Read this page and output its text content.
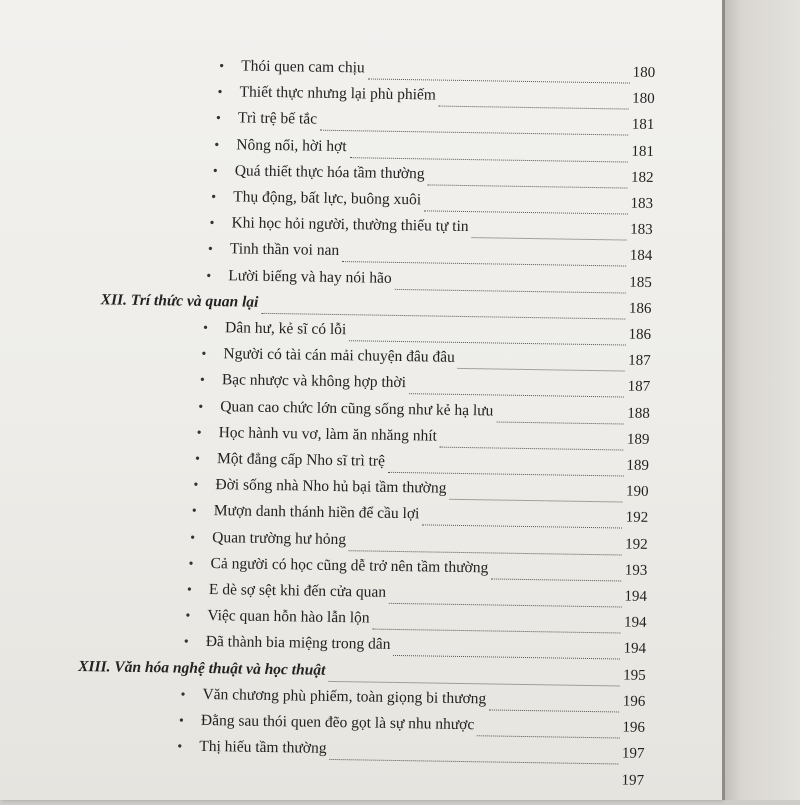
•	Thói quen cam chịu	180
•	Thiết thực nhưng lại phù phiếm	180
•	Trì trệ bế tắc	181
•	Nông nổi, hời hợt	181
•	Quá thiết thực hóa tầm thường	182
•	Thụ động, bất lực, buông xuôi	183
•	Khi học hỏi người, thường thiếu tự tin	183
•	Tinh thần voi nan	184
•	Lười biếng và hay nói hão	185
XII. Trí thức và quan lại	186
•	Dân hư, kẻ sĩ có lỗi	186
•	Người có tài cán mải chuyện đâu đâu	187
•	Bạc nhược và không hợp thời	187
•	Quan cao chức lớn cũng sống như kẻ hạ lưu	188
•	Học hành vu vơ, làm ăn nhăng nhít	189
•	Một đẳng cấp Nho sĩ trì trệ	189
•	Đời sống nhà Nho hủ bại tầm thường	190
•	Mượn danh thánh hiền để cầu lợi	192
•	Quan trường hư hỏng	192
•	Cả người có học cũng dễ trở nên tầm thường	193
•	E dè sợ sệt khi đến cửa quan	194
•	Việc quan hỗn hào lẫn lộn	194
•	Đã thành bia miệng trong dân	194
XIII. Văn hóa nghệ thuật và học thuật	195
•	Văn chương phù phiếm, toàn giọng bi thương	196
•	Đằng sau thói quen đẽo gọt là sự nhu nhược	196
•	Thị hiếu tầm thường	197
197
